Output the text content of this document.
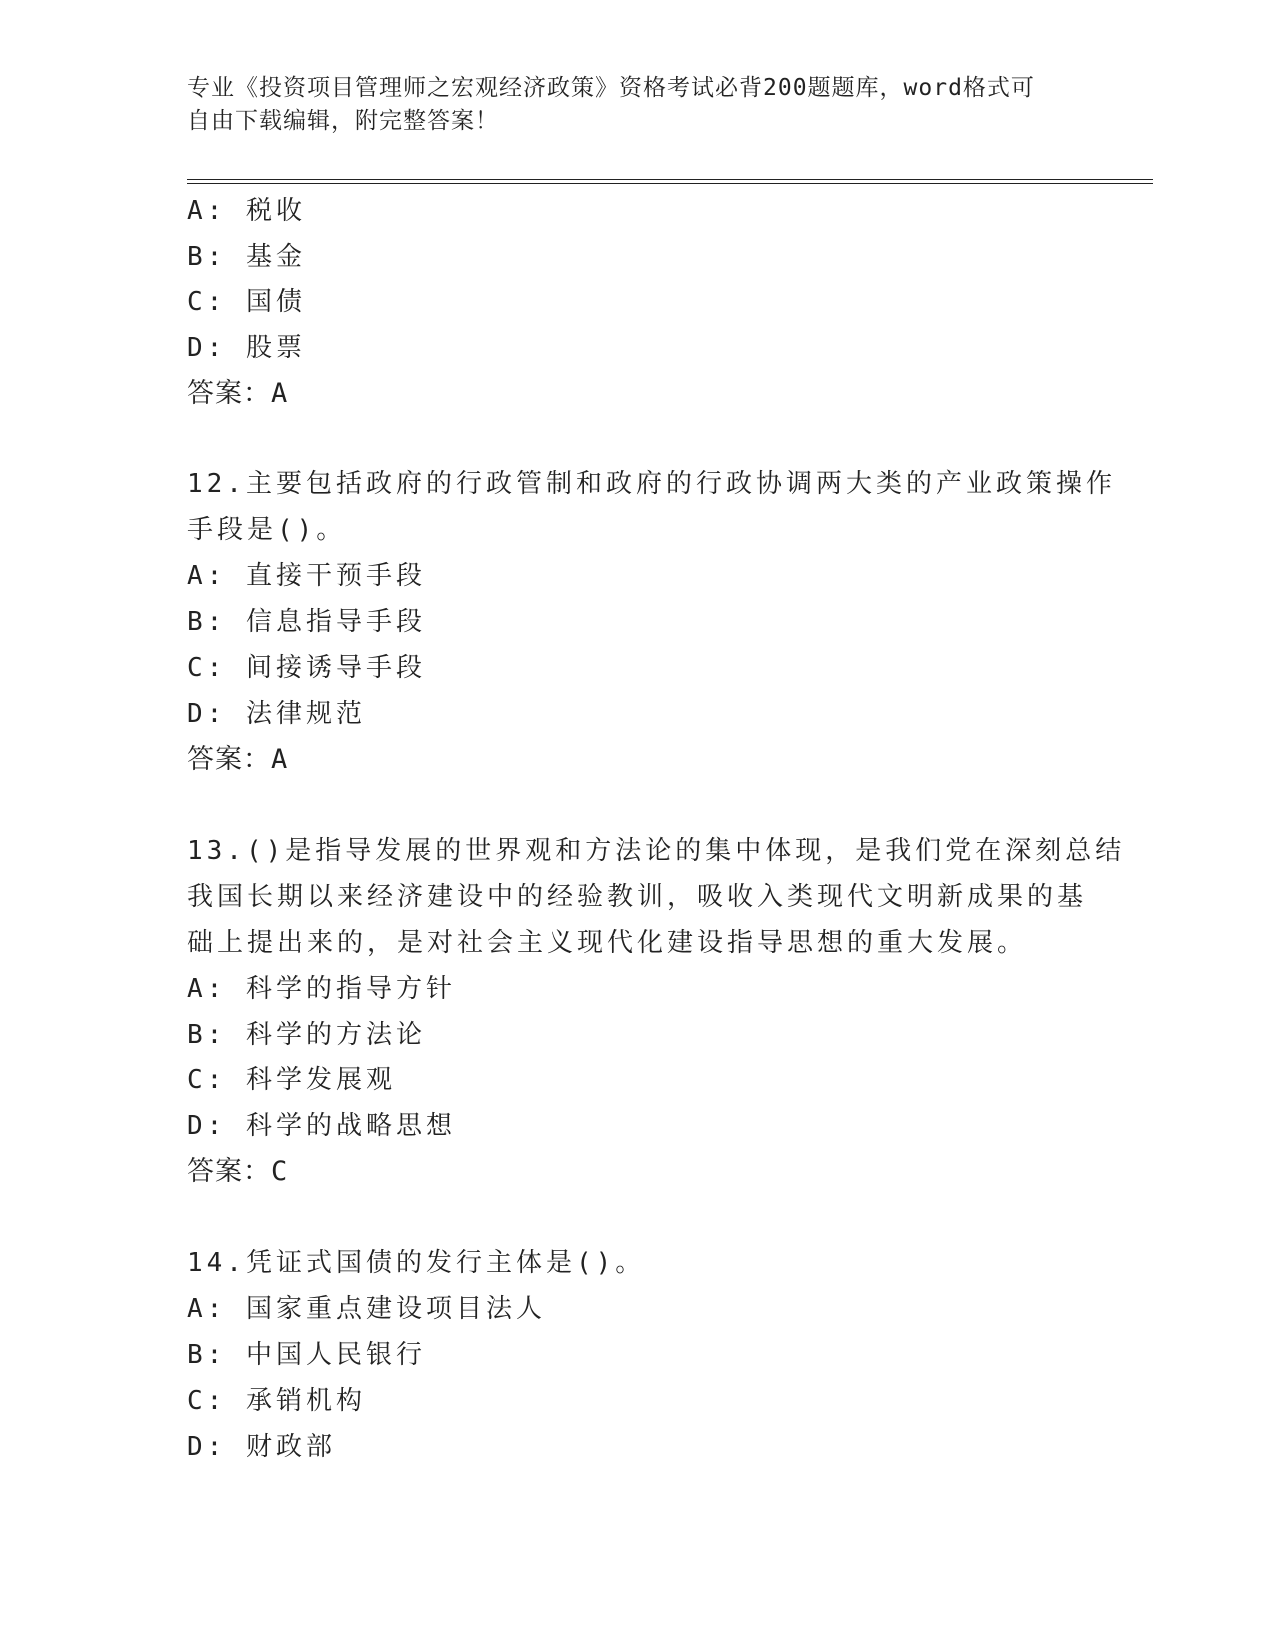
专业《投资项目管理师之宏观经济政策》资格考试必背200题题库，word格式可
自由下载编辑，附完整答案！
A: 税收
B: 基金
C: 国债
D: 股票
答案：A
12.主要包括政府的行政管制和政府的行政协调两大类的产业政策操作
手段是()。
A: 直接干预手段
B: 信息指导手段
C: 间接诱导手段
D: 法律规范
答案：A
13.()是指导发展的世界观和方法论的集中体现，是我们党在深刻总结
我国长期以来经济建设中的经验教训，吸收入类现代文明新成果的基
础上提出来的，是对社会主义现代化建设指导思想的重大发展。
A: 科学的指导方针
B: 科学的方法论
C: 科学发展观
D: 科学的战略思想
答案：C
14.凭证式国债的发行主体是()。
A: 国家重点建设项目法人
B: 中国人民银行
C: 承销机构
D: 财政部
